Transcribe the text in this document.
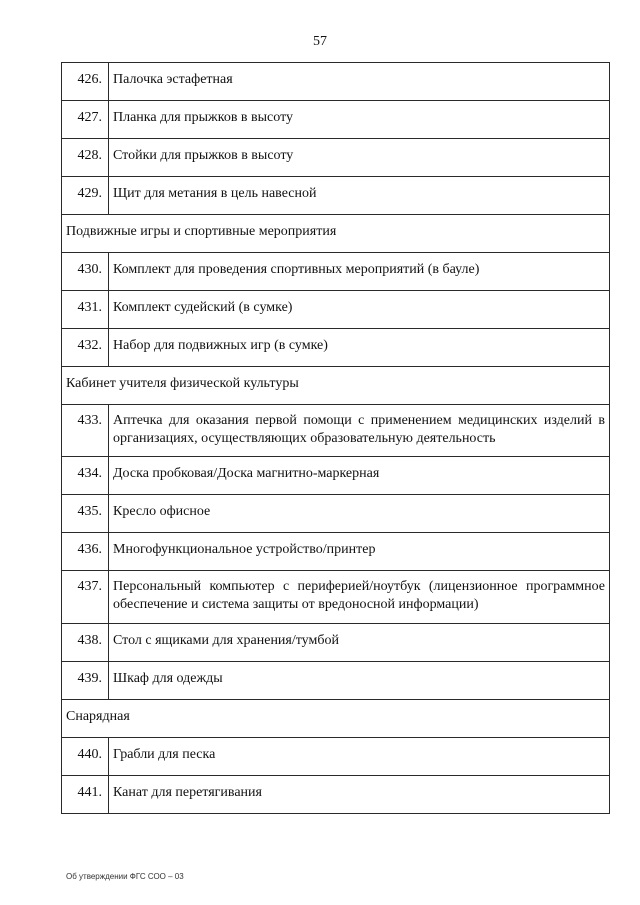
57
426.	Палочка эстафетная
427.	Планка для прыжков в высоту
428.	Стойки для прыжков в высоту
429.	Щит для метания в цель навесной
Подвижные игры и спортивные мероприятия	
430.	Комплект для проведения спортивных мероприятий (в бауле)
431.	Комплект судейский (в сумке)
432.	Набор для подвижных игр (в сумке)
Кабинет учителя физической культуры	
433.	Аптечка для оказания первой помощи с применением медицинских изделий в организациях, осуществляющих образовательную деятельность
434.	Доска пробковая/Доска магнитно-маркерная
435.	Кресло офисное
436.	Многофункциональное устройство/принтер
437.	Персональный компьютер с периферией/ноутбук (лицензионное программное обеспечение и система защиты от вредоносной информации)
438.	Стол с ящиками для хранения/тумбой
439.	Шкаф для одежды
Снарядная	
440.	Грабли для песка
441.	Канат для перетягивания
Об утверждении ФГС СОО – 03
